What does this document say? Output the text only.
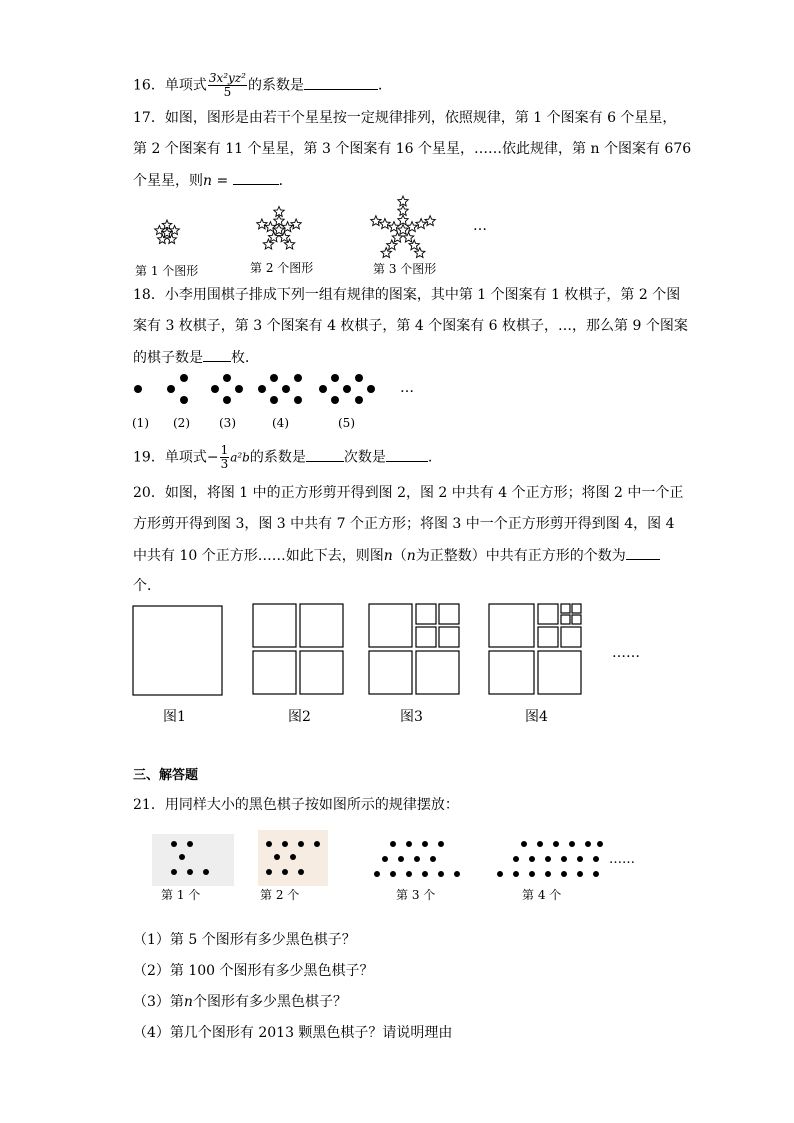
16．单项式 $\frac{\text{3x²yz²}}{5}$ 的系数是	．
17．如图，图形是由若干个星星按一定规律排列，依照规律，第 1 个图案有 6 个星星，
第 2 个图案有 11 个星星，第 3 个图案有 16 个星星，……依此规律，第 n 个图案有 676
个星星，则n =	．
第 1 个图形	第 2 个图形	第 3 个图形
…
18．小李用围棋子排成下列一组有规律的图案，其中第 1 个图案有 1 枚棋子，第 2 个图
案有 3 枚棋子，第 3 个图案有 4 枚棋子，第 4 个图案有 6 枚棋子，…，那么第 9 个图案
的棋子数是 枚．
…
(1) (2) (3)	(4)	(5)
19．单项式− $\frac{1}{3} a^2b$的系数是	次数是	.
20．如图，将图 1 中的正方形剪开得到图 2，图 2 中共有 4 个正方形；将图 2 中一个正
方形剪开得到图 3，图 3 中共有 7 个正方形；将图 3 中一个正方形剪开得到图 4，图 4
中共有 10 个正方形……如此下去，则图n（n为正整数）中共有正方形的个数为
个．
……
图1	图2	图3	图4
三、解答题
21．用同样大小的黑色棋子按如图所示的规律摆放：
……
第 1 个	第 2 个	第 3 个	第 4 个
（1）第 5 个图形有多少黑色棋子？
（2）第 100 个图形有多少黑色棋子？
（3）第n个图形有多少黑色棋子？
（4）第几个图形有 2013 颗黑色棋子？请说明理由
